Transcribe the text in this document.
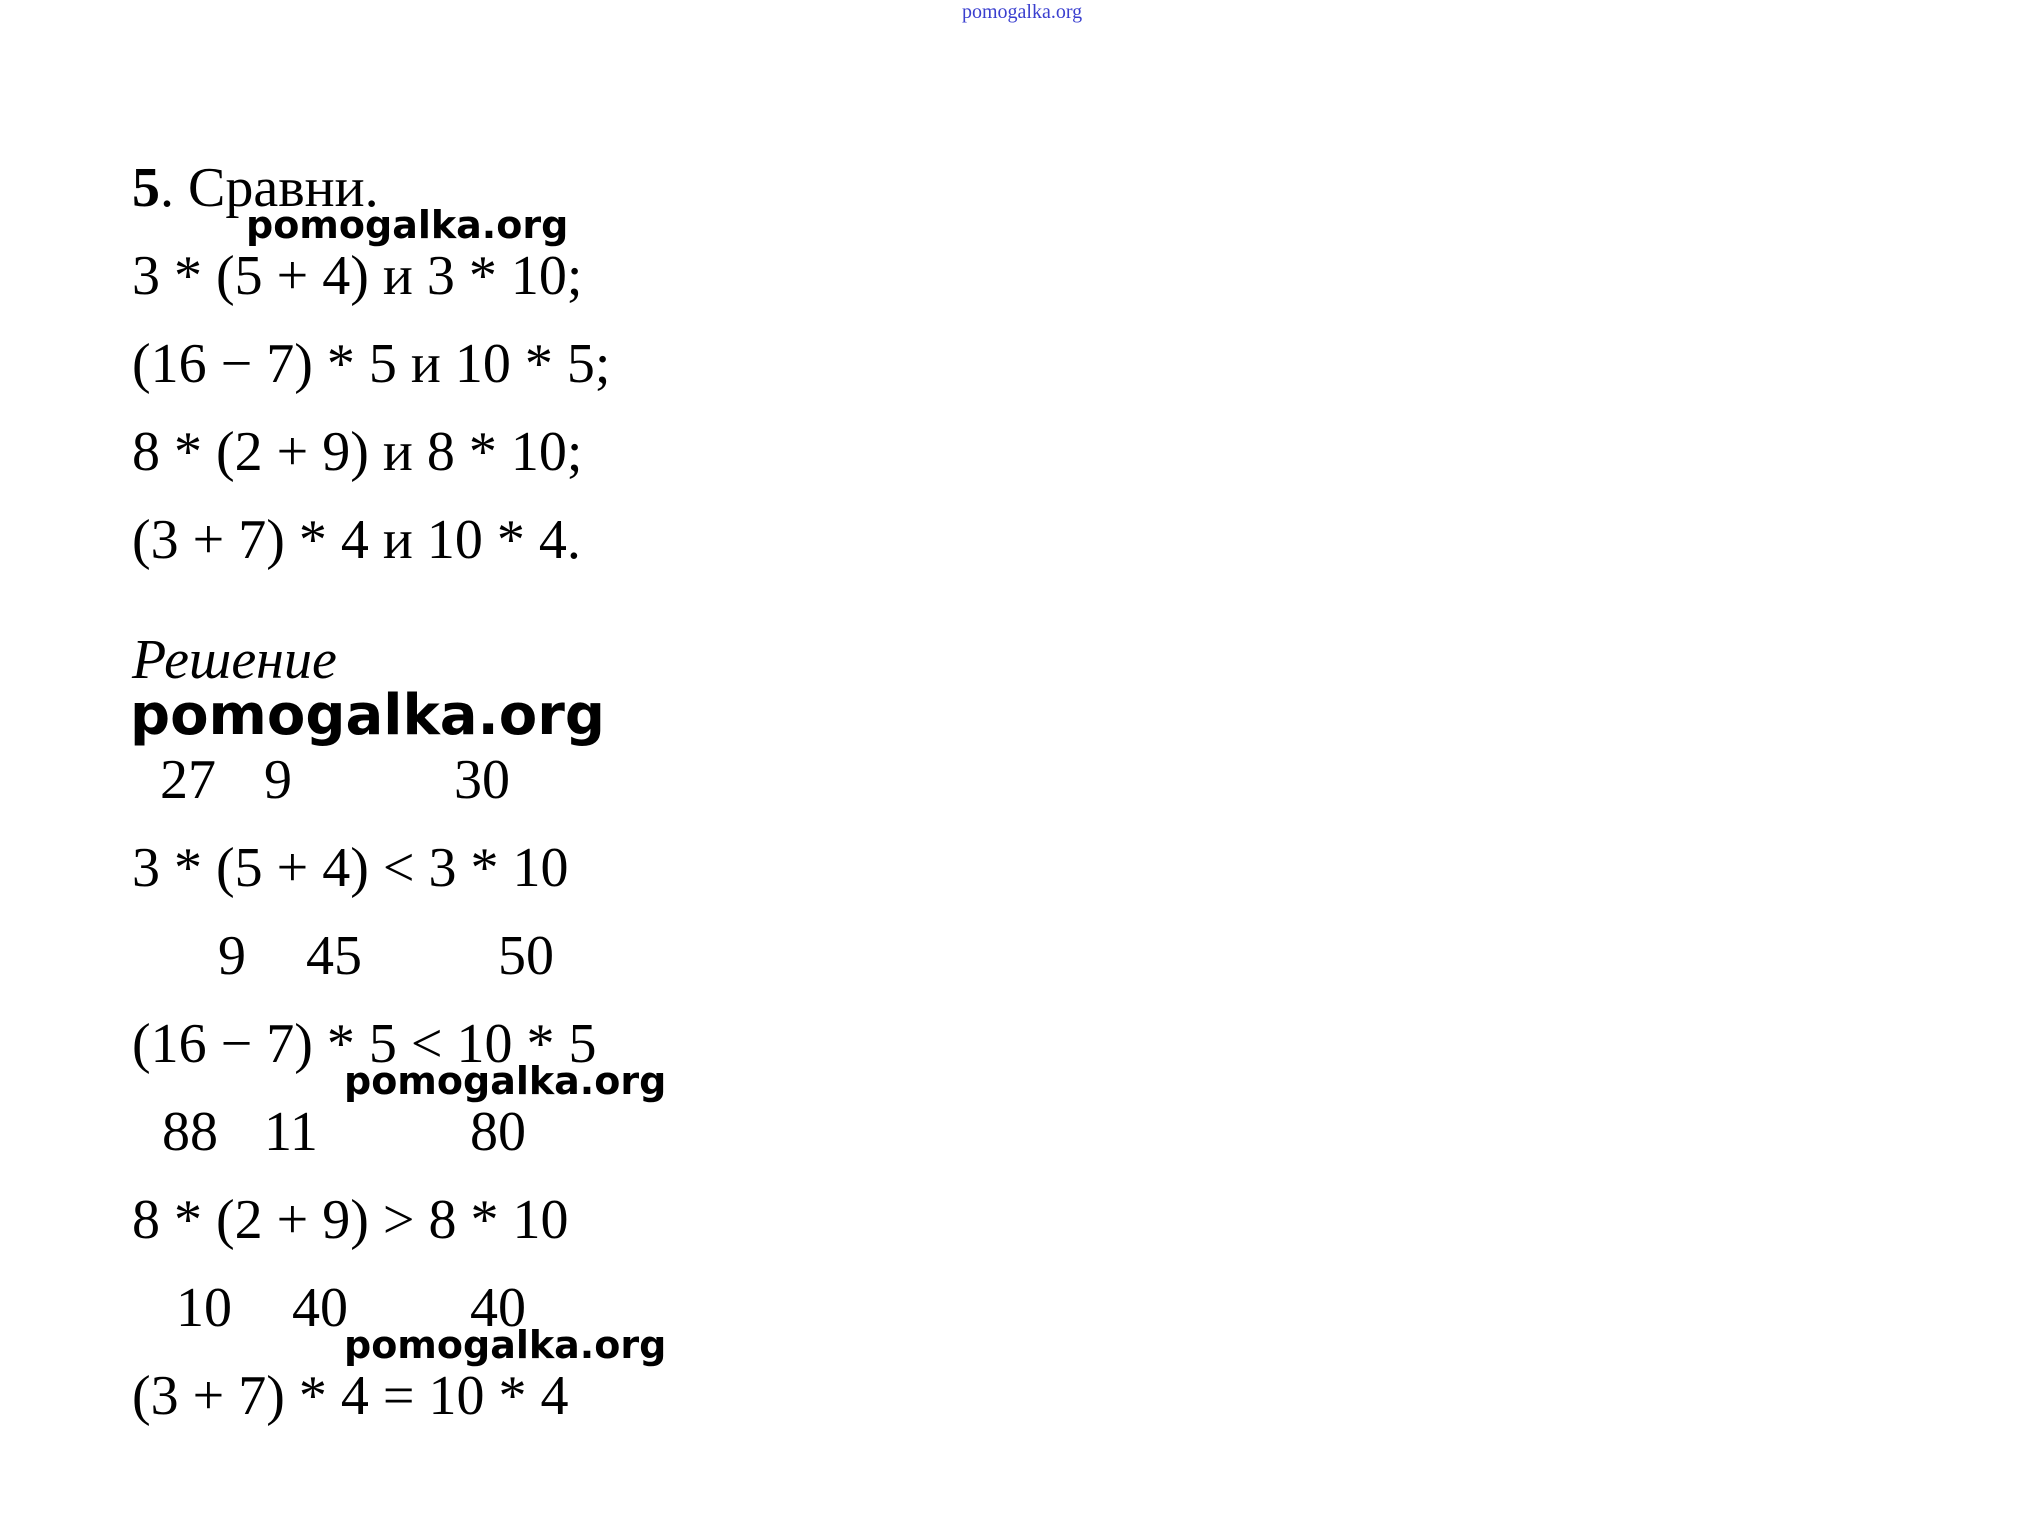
pomogalka.org
5. Сравни.
pomogalka.org
3 * (5 + 4) и 3 * 10;
(16 − 7) * 5 и 10 * 5;
8 * (2 + 9) и 8 * 10;
(3 + 7) * 4 и 10 * 4.
Решение
pomogalka.org
27 9	30
3 * (5 + 4) < 3 * 10
9 45 50
(16 − 7) * 5 < 10 * 5
pomogalka.org
88 11	80
8 * (2 + 9) > 8 * 10
10 40 40
pomogalka.org
(3 + 7) * 4 = 10 * 4
